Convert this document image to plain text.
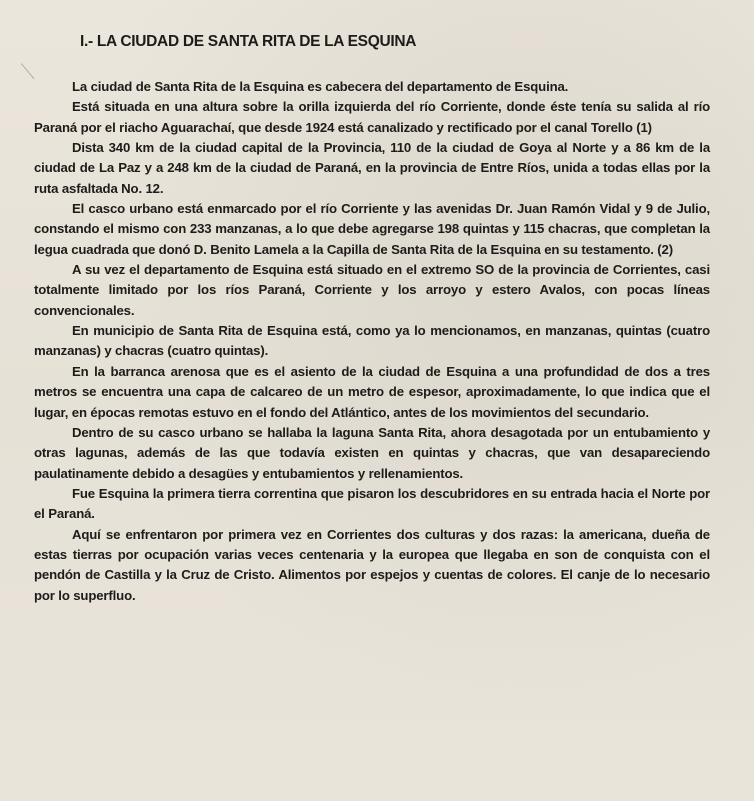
I.- LA CIUDAD DE SANTA RITA DE LA ESQUINA

La ciudad de Santa Rita de la Esquina es cabecera del departamento de Esquina.

Está situada en una altura sobre la orilla izquierda del río Corriente, donde éste tenía su salida al río Paraná por el riacho Aguarachaí, que desde 1924 está canalizado y rectificado por el canal Torello (1)

Dista 340 km de la ciudad capital de la Provincia, 110 de la ciudad de Goya al Norte y a 86 km de la ciudad de La Paz y a 248 km de la ciudad de Paraná, en la provincia de Entre Ríos, unida a todas ellas por la ruta asfaltada No. 12.

El casco urbano está enmarcado por el río Corriente y las avenidas Dr. Juan Ramón Vidal y 9 de Julio, constando el mismo con 233 manzanas, a lo que debe agregarse 198 quintas y 115 chacras, que completan la legua cuadrada que donó D. Benito Lamela a la Capilla de Santa Rita de la Esquina en su testamento. (2)

A su vez el departamento de Esquina está situado en el extremo SO de la provincia de Corrientes, casi totalmente limitado por los ríos Paraná, Corriente y los arroyo y estero Avalos, con pocas líneas convencionales.

En municipio de Santa Rita de Esquina está, como ya lo mencionamos, en manzanas, quintas (cuatro manzanas) y chacras (cuatro quintas).

En la barranca arenosa que es el asiento de la ciudad de Esquina a una profundidad de dos a tres metros se encuentra una capa de calcareo de un metro de espesor, aproximadamente, lo que indica que el lugar, en épocas remotas estuvo en el fondo del Atlántico, antes de los movimientos del secundario.

Dentro de su casco urbano se hallaba la laguna Santa Rita, ahora desagotada por un entubamiento y otras lagunas, además de las que todavía existen en quintas y chacras, que van desapareciendo paulatinamente debido a desagües y entubamientos y rellenamientos.

Fue Esquina la primera tierra correntina que pisaron los descubridores en su entrada hacia el Norte por el Paraná.

Aquí se enfrentaron por primera vez en Corrientes dos culturas y dos razas: la americana, dueña de estas tierras por ocupación varias veces centenaria y la europea que llegaba en son de conquista con el pendón de Castilla y la Cruz de Cristo. Alimentos por espejos y cuentas de colores. El canje de lo necesario por lo superfluo.
